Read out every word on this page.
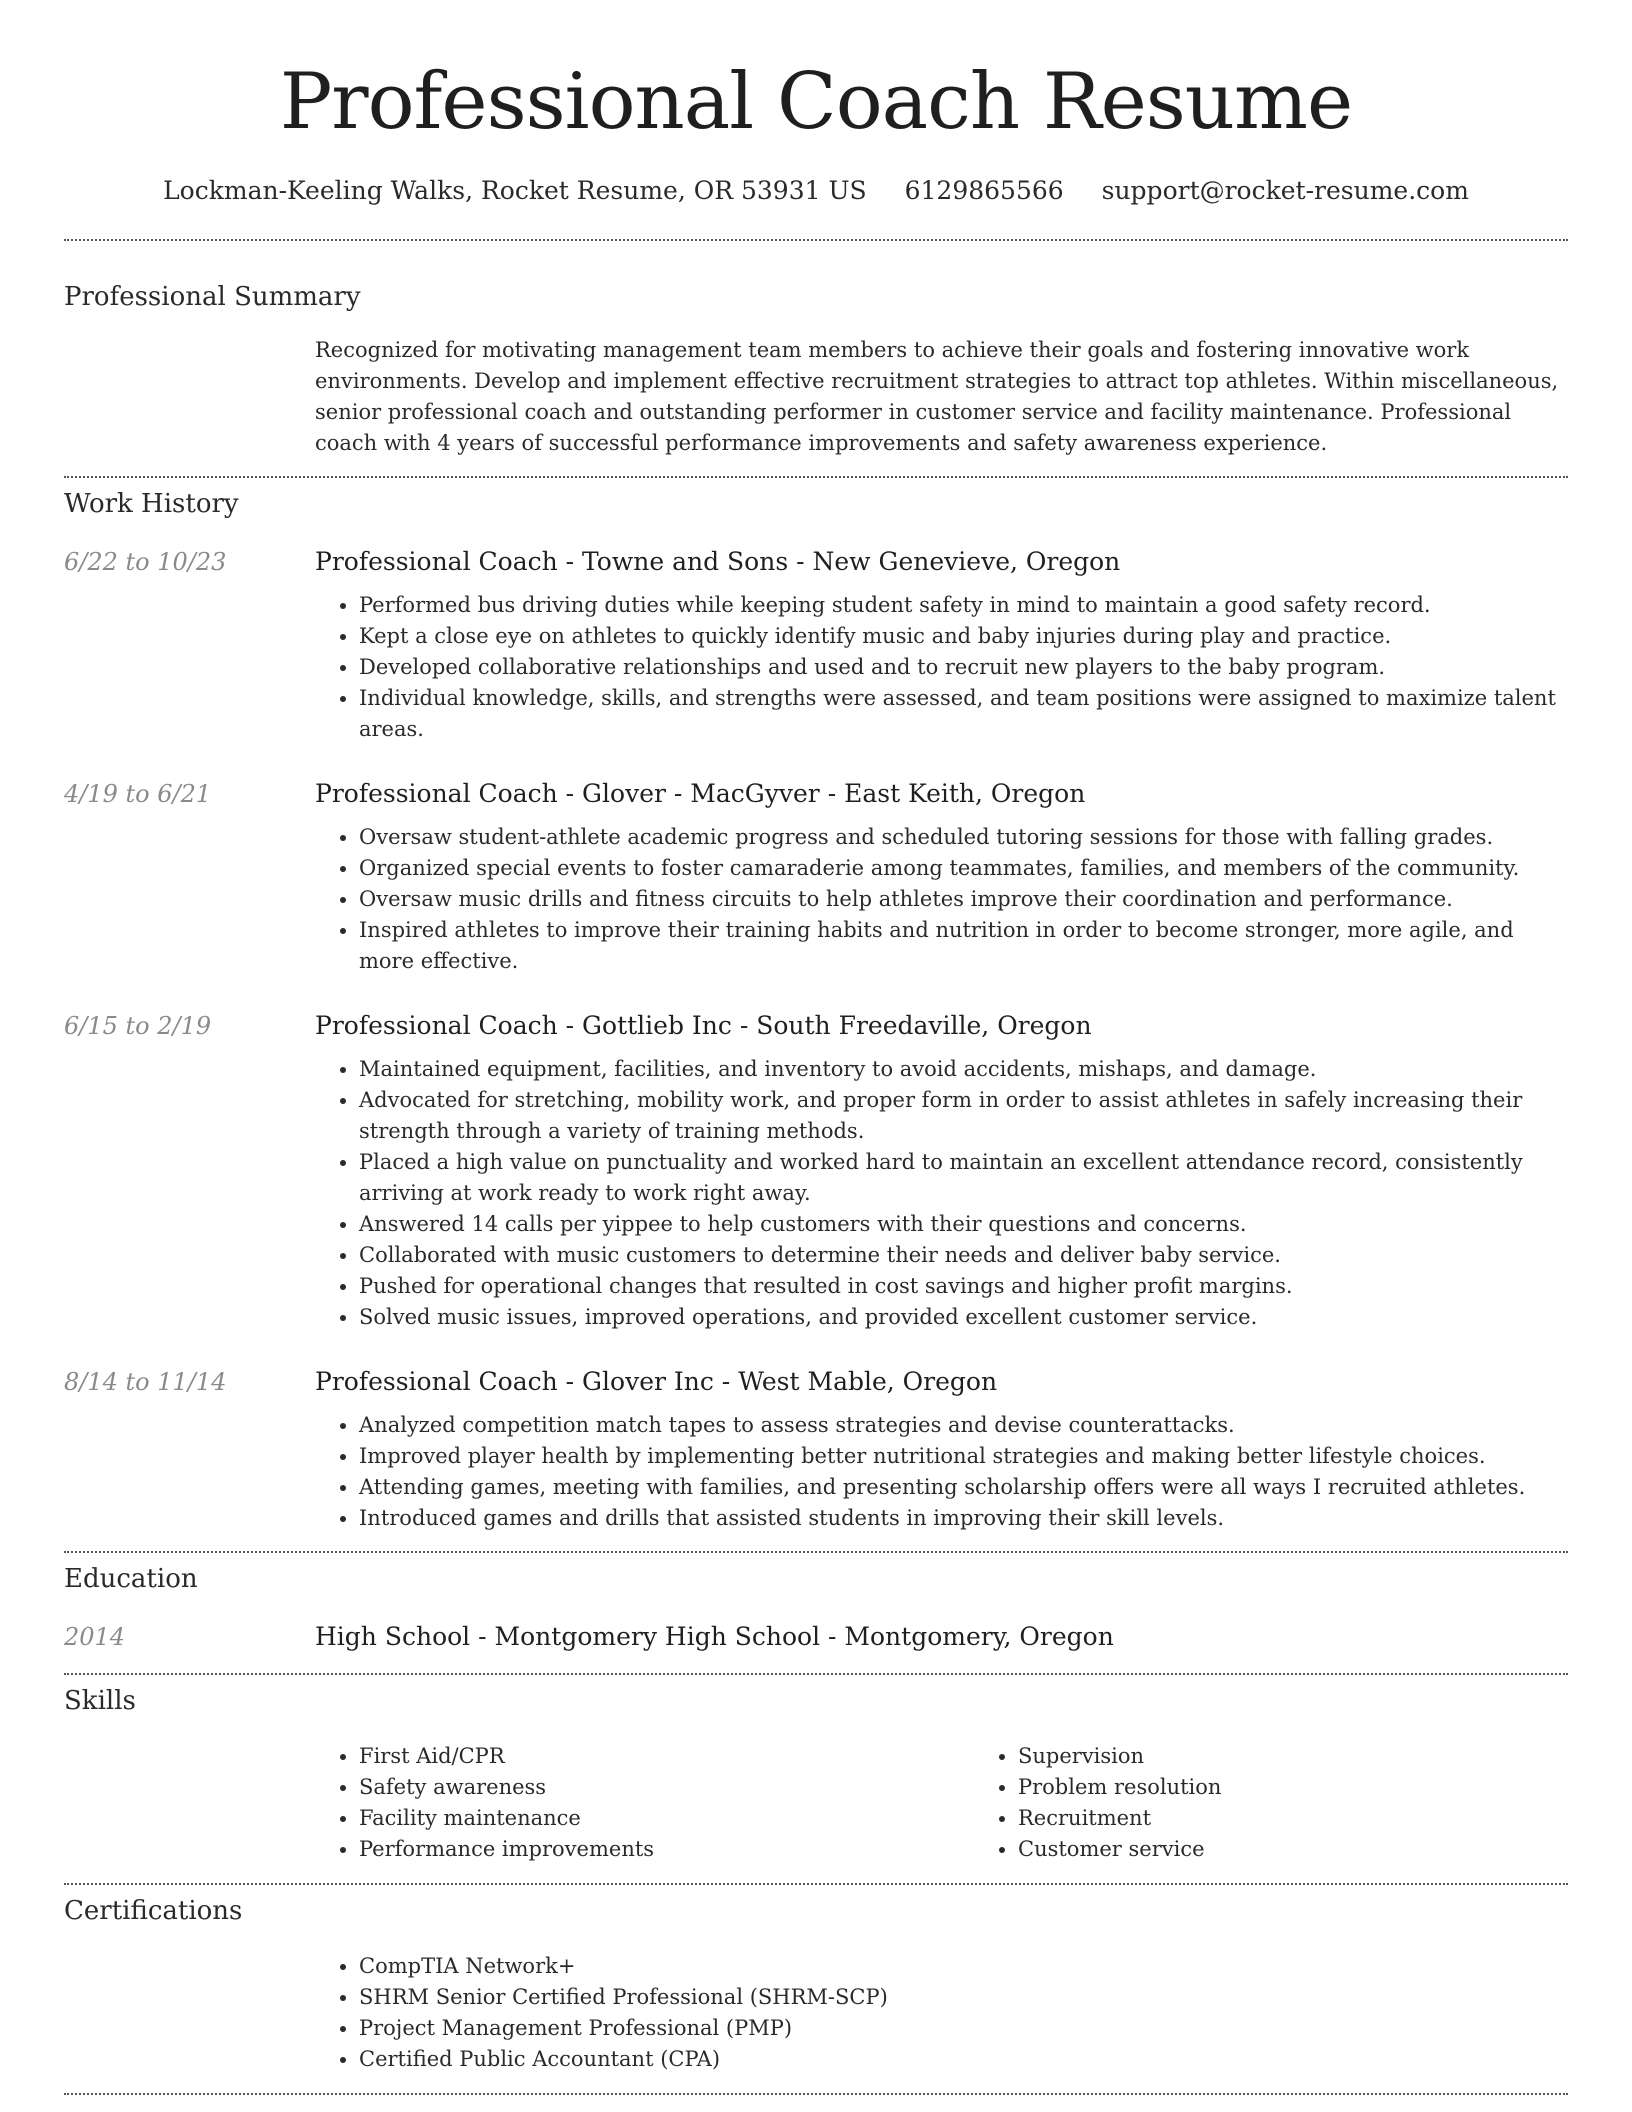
Professional Coach Resume
Lockman-Keeling Walks, Rocket Resume, OR 53931 US 6129865566 support@rocket-resume.com
Professional Summary

Recognized for motivating management team members to achieve their goals and fostering innovative work environments. Develop and implement effective recruitment strategies to attract top athletes. Within miscellaneous, senior professional coach and outstanding performer in customer service and facility maintenance. Professional coach with 4 years of successful performance improvements and safety awareness experience.

Work History
6/22 to 10/23	Professional Coach - Towne and Sons - New Genevieve, Oregon
• Performed bus driving duties while keeping student safety in mind to maintain a good safety record.
• Kept a close eye on athletes to quickly identify music and baby injuries during play and practice.
• Developed collaborative relationships and used and to recruit new players to the baby program.
• Individual knowledge, skills, and strengths were assessed, and team positions were assigned to maximize talent areas.
4/19 to 6/21	Professional Coach - Glover - MacGyver - East Keith, Oregon
• Oversaw student-athlete academic progress and scheduled tutoring sessions for those with falling grades.
• Organized special events to foster camaraderie among teammates, families, and members of the community.
• Oversaw music drills and fitness circuits to help athletes improve their coordination and performance.
• Inspired athletes to improve their training habits and nutrition in order to become stronger, more agile, and more effective.
6/15 to 2/19	Professional Coach - Gottlieb Inc - South Freedaville, Oregon
• Maintained equipment, facilities, and inventory to avoid accidents, mishaps, and damage.
• Advocated for stretching, mobility work, and proper form in order to assist athletes in safely increasing their strength through a variety of training methods.
• Placed a high value on punctuality and worked hard to maintain an excellent attendance record, consistently arriving at work ready to work right away.
• Answered 14 calls per yippee to help customers with their questions and concerns.
• Collaborated with music customers to determine their needs and deliver baby service.
• Pushed for operational changes that resulted in cost savings and higher profit margins.
• Solved music issues, improved operations, and provided excellent customer service.
8/14 to 11/14	Professional Coach - Glover Inc - West Mable, Oregon
• Analyzed competition match tapes to assess strategies and devise counterattacks.
• Improved player health by implementing better nutritional strategies and making better lifestyle choices.
• Attending games, meeting with families, and presenting scholarship offers were all ways I recruited athletes.
• Introduced games and drills that assisted students in improving their skill levels.
Education
2014	High School - Montgomery High School - Montgomery, Oregon
Skills
• First Aid/CPR
• Safety awareness
• Facility maintenance
• Performance improvements
• Supervision
• Problem resolution
• Recruitment
• Customer service
Certifications
• CompTIA Network+
• SHRM Senior Certified Professional (SHRM-SCP)
• Project Management Professional (PMP)
• Certified Public Accountant (CPA)
